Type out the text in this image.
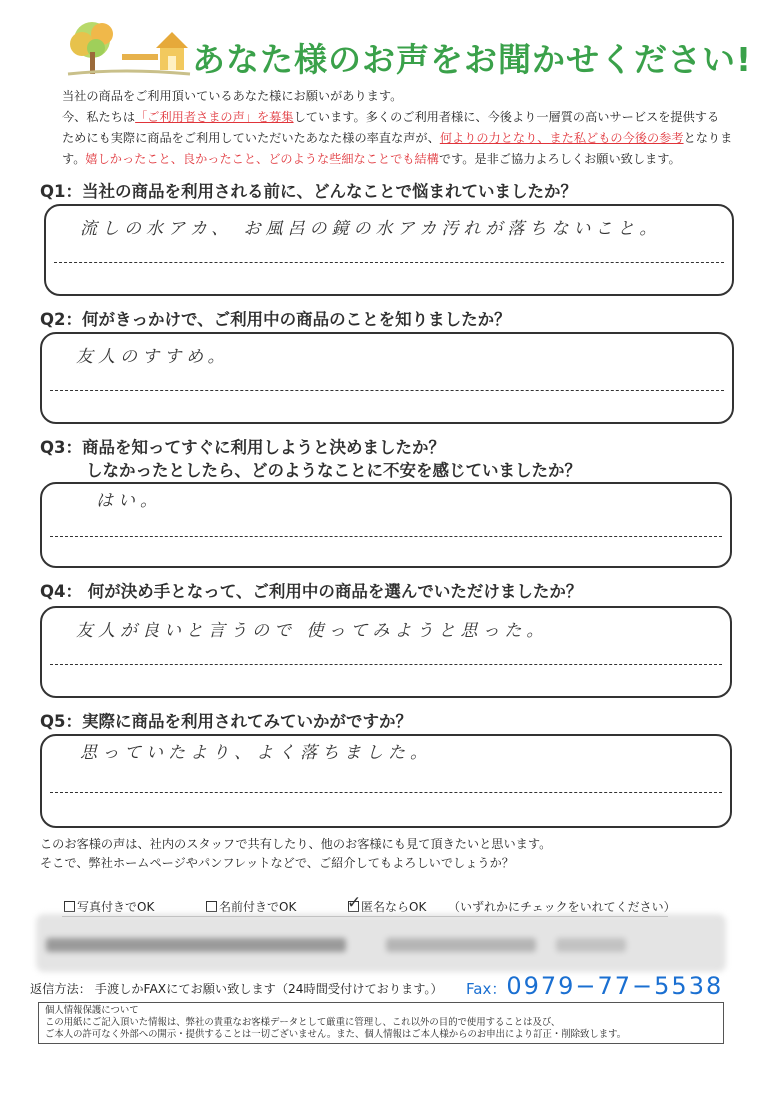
あなた様のお声をお聞かせください!

当社の商品をご利用頂いているあなた様にお願いがあります。

今、私たちは「ご利用者さまの声」を募集しています。多くのご利用者様に、今後より一層質の高いサービスを提供する

ためにも実際に商品をご利用していただいたあなた様の率直な声が、何よりの力となり、また私どもの今後の参考となりま

す。嬉しかったこと、良かったこと、どのような些細なことでも結構です。是非ご協力よろしくお願い致します。

Q1：当社の商品を利用される前に、どんなことで悩まれていましたか？
流しの水アカ、 お風呂の鏡の水アカ汚れが落ちないこと。
Q2：何がきっかけで、ご利用中の商品のことを知りましたか？
友人のすすめ。
Q3：商品を知ってすぐに利用しようと決めましたか？
しなかったとしたら、どのようなことに不安を感じていましたか？
はい。
Q4： 何が決め手となって、ご利用中の商品を選んでいただけましたか？
友人が良いと言うので 使ってみようと思った。
Q5：実際に商品を利用されてみていかがですか？
思っていたより、よく落ちました。

このお客様の声は、社内のスタッフで共有したり、他のお客様にも見て頂きたいと思います。

そこで、弊社ホームページやパンフレットなどで、ご紹介してもよろしいでしょうか？

写真付きでOK	名前付きでOK	✓ 匿名ならOK （いずれかにチェックをいれてください）
返信方法： 手渡しかFAXにてお願い致します（24時間受付けております。） Fax：0979−77−5538

個人情報保護について

この用紙にご記入頂いた情報は、弊社の貴重なお客様データとして厳重に管理し、これ以外の目的で使用することは及び、

ご本人の許可なく外部への開示・提供することは一切ございません。また、個人情報はご本人様からのお申出により訂正・削除致します。
